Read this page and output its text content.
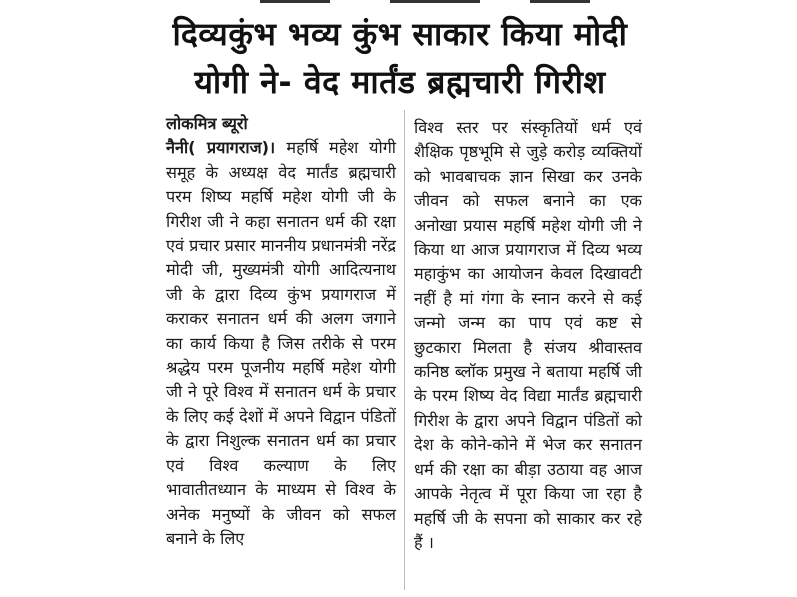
दिव्यकुंभ भव्य कुंभ साकार किया मोदी
योगी ने- वेद मार्तंड ब्रह्मचारी गिरीश
लोकमित्र ब्यूरो
नैनी( प्रयागराज)। महर्षि महेश योगी समूह के अध्यक्ष वेद मार्तंड ब्रह्मचारी परम शिष्य महर्षि महेश योगी जी के गिरीश जी ने कहा सनातन धर्म की रक्षा एवं प्रचार प्रसार माननीय प्रधानमंत्री नरेंद्र मोदी जी, मुख्यमंत्री योगी आदित्यनाथ जी के द्वारा दिव्य कुंभ प्रयागराज में कराकर सनातन धर्म की अलग जगाने का कार्य किया है जिस तरीके से परम श्रद्धेय परम पूजनीय महर्षि महेश योगी जी ने पूरे विश्व में सनातन धर्म के प्रचार के लिए कई देशों में अपने विद्वान पंडितों के द्वारा निशुल्क सनातन धर्म का प्रचार एवं विश्व कल्याण के लिए भावातीतध्यान के माध्यम से विश्व के अनेक मनुष्यों के जीवन को सफल बनाने के लिए
विश्व स्तर पर संस्कृतियों धर्म एवं शैक्षिक पृष्ठभूमि से जुड़े करोड़ व्यक्तियों को भावबाचक ज्ञान सिखा कर उनके जीवन को सफल बनाने का एक अनोखा प्रयास महर्षि महेश योगी जी ने किया था आज प्रयागराज में दिव्य भव्य महाकुंभ का आयोजन केवल दिखावटी नहीं है मां गंगा के स्नान करने से कई जन्मो जन्म का पाप एवं कष्ट से छुटकारा मिलता है संजय श्रीवास्तव कनिष्ठ ब्लॉक प्रमुख ने बताया महर्षि जी के परम शिष्य वेद विद्या मार्तंड ब्रह्मचारी गिरीश के द्वारा अपने विद्वान पंडितों को देश के कोने-कोने में भेज कर सनातन धर्म की रक्षा का बीड़ा उठाया वह आज आपके नेतृत्व में पूरा किया जा रहा है महर्षि जी के सपना को साकार कर रहे हैं ।
